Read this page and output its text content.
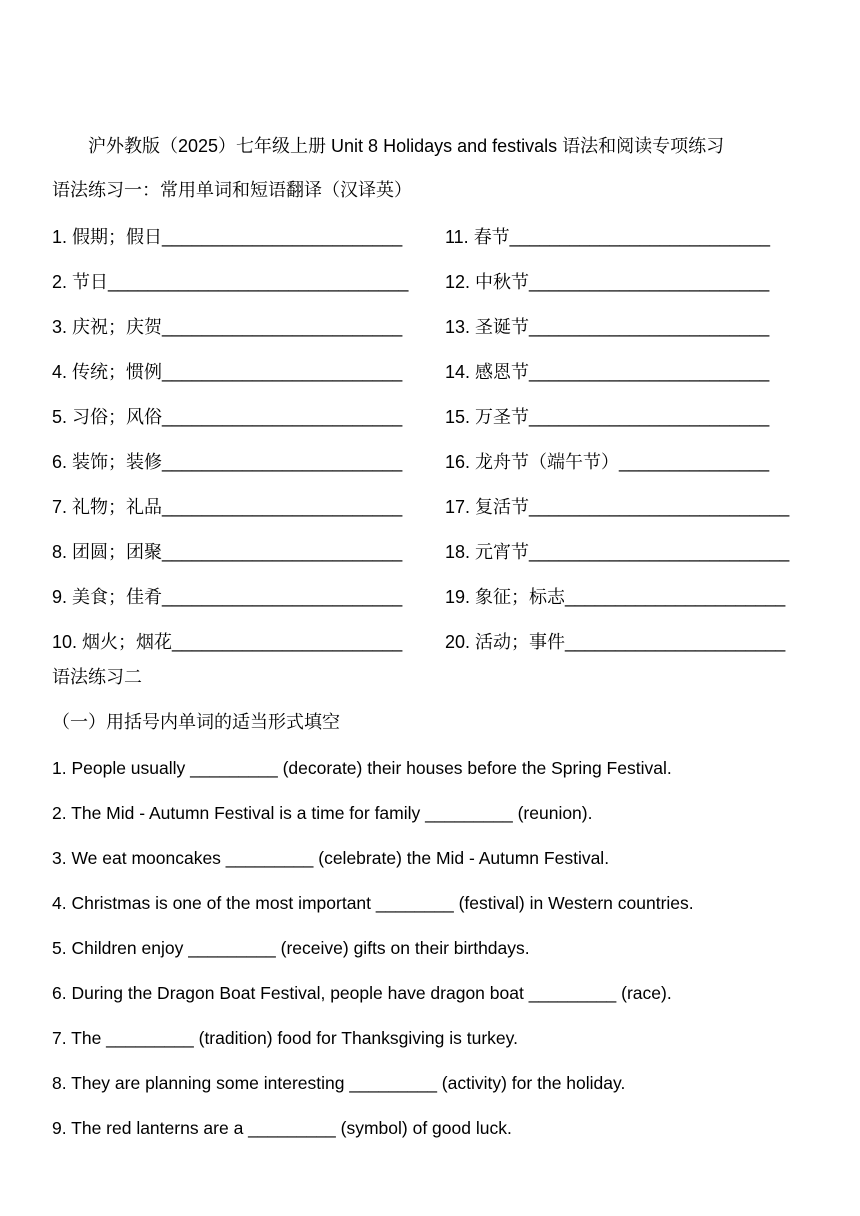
沪外教版（2025）七年级上册 Unit 8 Holidays and festivals 语法和阅读专项练习
语法练习一：常用单词和短语翻译（汉译英）
1. 假期；假日________________________
2. 节日______________________________
3. 庆祝；庆贺________________________
4. 传统；惯例________________________
5. 习俗；风俗________________________
6. 装饰；装修________________________
7. 礼物；礼品________________________
8. 团圆；团聚________________________
9. 美食；佳肴________________________
10. 烟火；烟花_______________________
11. 春节__________________________
12. 中秋节________________________
13. 圣诞节________________________
14. 感恩节________________________
15. 万圣节________________________
16. 龙舟节（端午节）_______________
17. 复活节__________________________
18. 元宵节__________________________
19. 象征；标志______________________
20. 活动；事件______________________
语法练习二
（一）用括号内单词的适当形式填空
1. People usually _________ (decorate) their houses before the Spring Festival.
2. The Mid - Autumn Festival is a time for family _________ (reunion).
3. We eat mooncakes _________ (celebrate) the Mid - Autumn Festival.
4. Christmas is one of the most important ________ (festival) in Western countries.
5. Children enjoy _________ (receive) gifts on their birthdays.
6. During the Dragon Boat Festival, people have dragon boat _________ (race).
7. The _________ (tradition) food for Thanksgiving is turkey.
8. They are planning some interesting _________ (activity) for the holiday.
9. The red lanterns are a _________ (symbol) of good luck.
